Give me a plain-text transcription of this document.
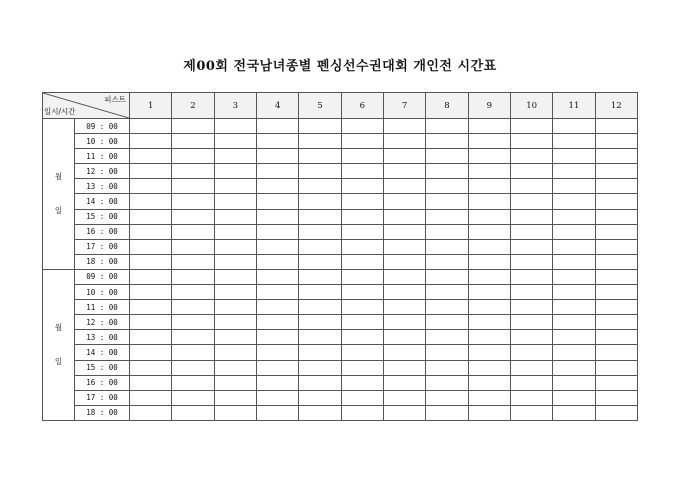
제00회 전국남녀종별 펜싱선수권대회 개인전 시간표
피스트
일시/시간		1	2	3	4	5	6	7	8	9	10	11	12

월
일	09 : 00												
	10 : 00												
	11 : 00												
	12 : 00												
	13 : 00												
	14 : 00												
	15 : 00												
	16 : 00												
	17 : 00												
	18 : 00												

월
일	09 : 00												
	10 : 00												
	11 : 00												
	12 : 00												
	13 : 00												
	14 : 00												
	15 : 00												
	16 : 00												
	17 : 00												
	18 : 00												
